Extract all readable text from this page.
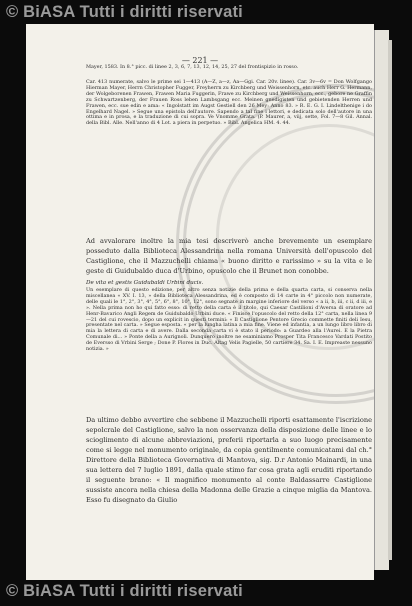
© BiASA Tutti i diritti riservati
— 221 —
Mayer, 1583. In 8.° picc. di linee 2, 3, 6, 7, 13, 12, 14, 25, 27 del frontispizio in rosso.
Car. 413 numerate, salvo le prime sei 1—413 (A—Z, a—z, Aa—Ggi. Car. 20v. linee). Car. 3v—6v = Don Wolfgango Hierman Mayer, Herrn Christopher Fugger, Freyherrn zu Kirchberg und Weissenhorn, etc. auch Herr G. Hermann, der Wolgeborenen Frawen, Frawen Maria Fuggerin, Frawe zu Kirchberg und Weissenhorn, ecc., gebore ne Graffin zu Schwartzenberg, der Frauen Ross leben Lambsgang ecc. Meinen gnedigisten und gebietenden Herren und Frawen, ecc. sue edin e ama: « Ingolstatt im Augst Gestiell den 26 Mey: Anno 83. » R. E. G. I. Lindelthenige i do Engelhard Nagel. » Segue una epistola dell'autore. Sapendo a tal fine i lettori, e dedicata solo dell'autore in una ottima e in prosa, e la traduzione di cui sopra. Ve Vnomme Grata. (P. Maurer, a, viij, sette, Fol. 7—8 Gil. Annal. della Bibl. Alle. Nell'anno di 4 Lot. a piera in perpetuo. » Bibl. Angelica HM. 4. 44.
Ad avvalorare inoltre la mia tesi descriverò anche brevemente un esemplare posseduto dalla Biblioteca Alessandrina nella romana Università dell'opuscolo del Castiglione, che il Mazzuchelli chiama « buono diritto e rarissimo » su la vita e le geste di Guidubaldo duca d'Urbino, opuscolo che il Brunet non conobbe.
De vita et gestis Guidubaldi Urbini ducis.
Un esemplare di questo edizione, per altro senza notizie della prima e della quarta carta, si conserva nella miscellanea « XV. I. 13, » della Biblioteca Alessandrina, ed è composto di 14 carte in 4° piccolo non numerate, delle quali le 1°, 2°, 3°, 4°, 5°, 6°, 8°, 10°, 12°, sono segnate in margine inferiore del verso « a ii, b, iii, c ii, d iii, e ». Nella prima non ho qui fatto esso: di retto della carta è il titolo, qui Caesar Castilioni d'Aversa di oratore ad Henr-Bavarico Angli Regem de Guidubaldo Urbini duce. « Finisce l'opuscolo del retto della 12° carta, nella linea 9—21 del cui rovescio, dopo un explicit in questi termini: « Il Castiglione Pentore Grecio commette finiti deli Iesu, presentate nel carta. » Segue esposta. « per la lungha latina a mia fine. Viene ed infantia, a un lungo libro libro di mia la lettera di carta e di avere. Dalla seconda carta vi è stato il periodo: a Guardeo alla l'Aurei. E la Pietra Comunale di... » Ponte della a Aurignoli. Dunquero inoltre ne esaminiamo Prosper Tita Francesco Vardati Postito de Eversso di Vrbini Serge ; Done P. Flores in Duc. Altag Velis Pagielle, 50 cartiere 34. Sa. I. E. Impreaste nessuno notizia. »
Da ultimo debbo avvertire che sebbene il Mazzuchelli riporti esattamente l'iscrizione sepolcrale del Castiglione, salvo la non osservanza della disposizione delle linee e lo scioglimento di alcune abbreviazioni, preferii riportarla a suo luogo precisamente come si legge nel monumento originale, da copia gentilmente comunicatami dal ch.° Direttore della Biblioteca Governativa di Mantova, sig. D.r Antonio Mainardi, in una sua lettera del 7 luglio 1891, dalla quale stimo far cosa grata agli eruditi riportando il seguente brano: « Il magnifico monumento al conte Baldassarre Castiglione sussiste ancora nella chiesa della Madonna delle Grazie a cinque miglia da Mantova. Esso fu disegnato da Giulio
© BiASA Tutti i diritti riservati
